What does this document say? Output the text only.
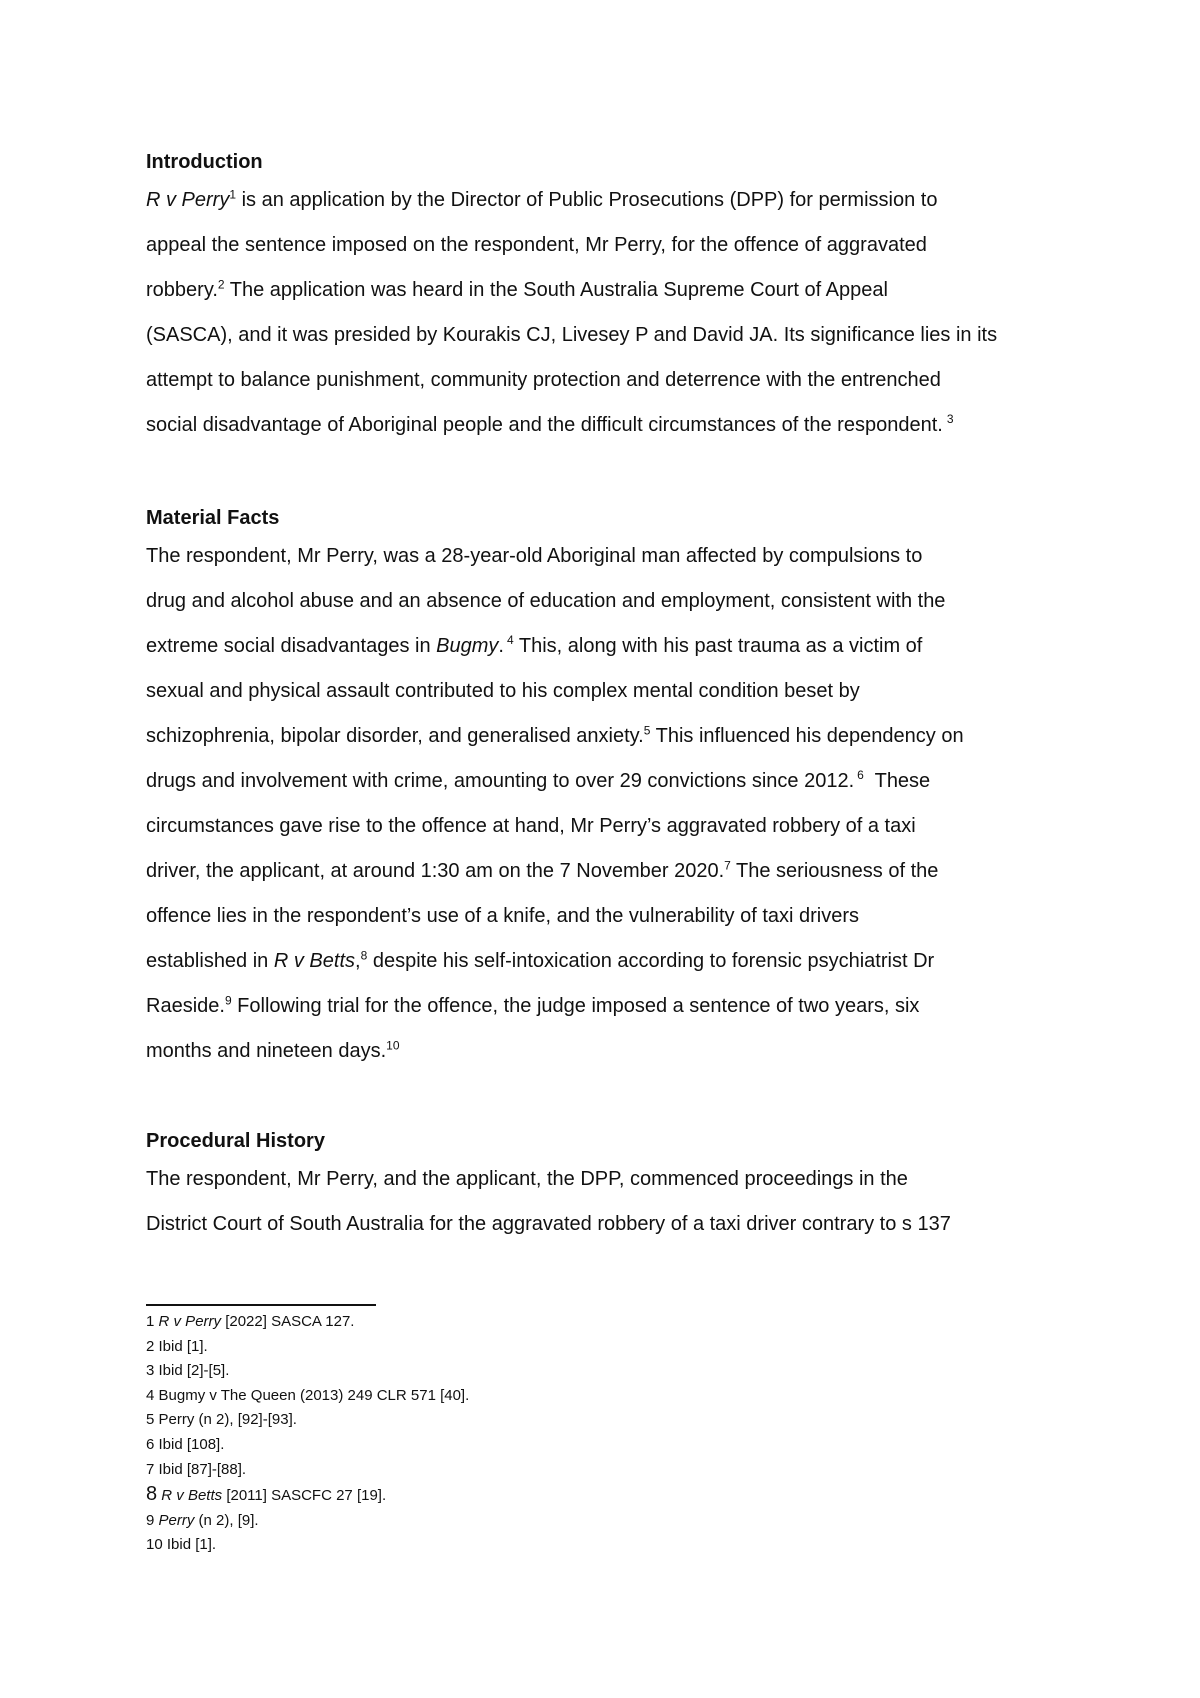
Introduction
R v Perry$^1$ is an application by the Director of Public Prosecutions (DPP) for permission to
appeal the sentence imposed on the respondent, Mr Perry, for the offence of aggravated
robbery.$^2$ The application was heard in the South Australia Supreme Court of Appeal
(SASCA), and it was presided by Kourakis CJ, Livesey P and David JA. Its significance lies in its
attempt to balance punishment, community protection and deterrence with the entrenched
social disadvantage of Aboriginal people and the difficult circumstances of the respondent. $^3$
Material Facts
The respondent, Mr Perry, was a 28-year-old Aboriginal man affected by compulsions to
drug and alcohol abuse and an absence of education and employment, consistent with the
extreme social disadvantages in Bugmy. $^4$ This, along with his past trauma as a victim of
sexual and physical assault contributed to his complex mental condition beset by
schizophrenia, bipolar disorder, and generalised anxiety.$^5$ This influenced his dependency on
drugs and involvement with crime, amounting to over 29 convictions since 2012. $^6$  These
circumstances gave rise to the offence at hand, Mr Perry’s aggravated robbery of a taxi
driver, the applicant, at around 1:30 am on the 7 November 2020.$^7$ The seriousness of the
offence lies in the respondent’s use of a knife, and the vulnerability of taxi drivers
established in R v Betts,$^8$ despite his self-intoxication according to forensic psychiatrist Dr
Raeside.$^9$ Following trial for the offence, the judge imposed a sentence of two years, six
months and nineteen days.$^{10}$
Procedural History
The respondent, Mr Perry, and the applicant, the DPP, commenced proceedings in the
District Court of South Australia for the aggravated robbery of a taxi driver contrary to s 137
1 R v Perry [2022] SASCA 127.
2 Ibid [1].
3 Ibid [2]-[5].
4 Bugmy v The Queen (2013) 249 CLR 571 [40].
5 Perry (n 2), [92]-[93].
6 Ibid [108].
7 Ibid [87]-[88].
8 R v Betts [2011] SASCFC 27 [19].
9 Perry (n 2), [9].
10 Ibid [1].
